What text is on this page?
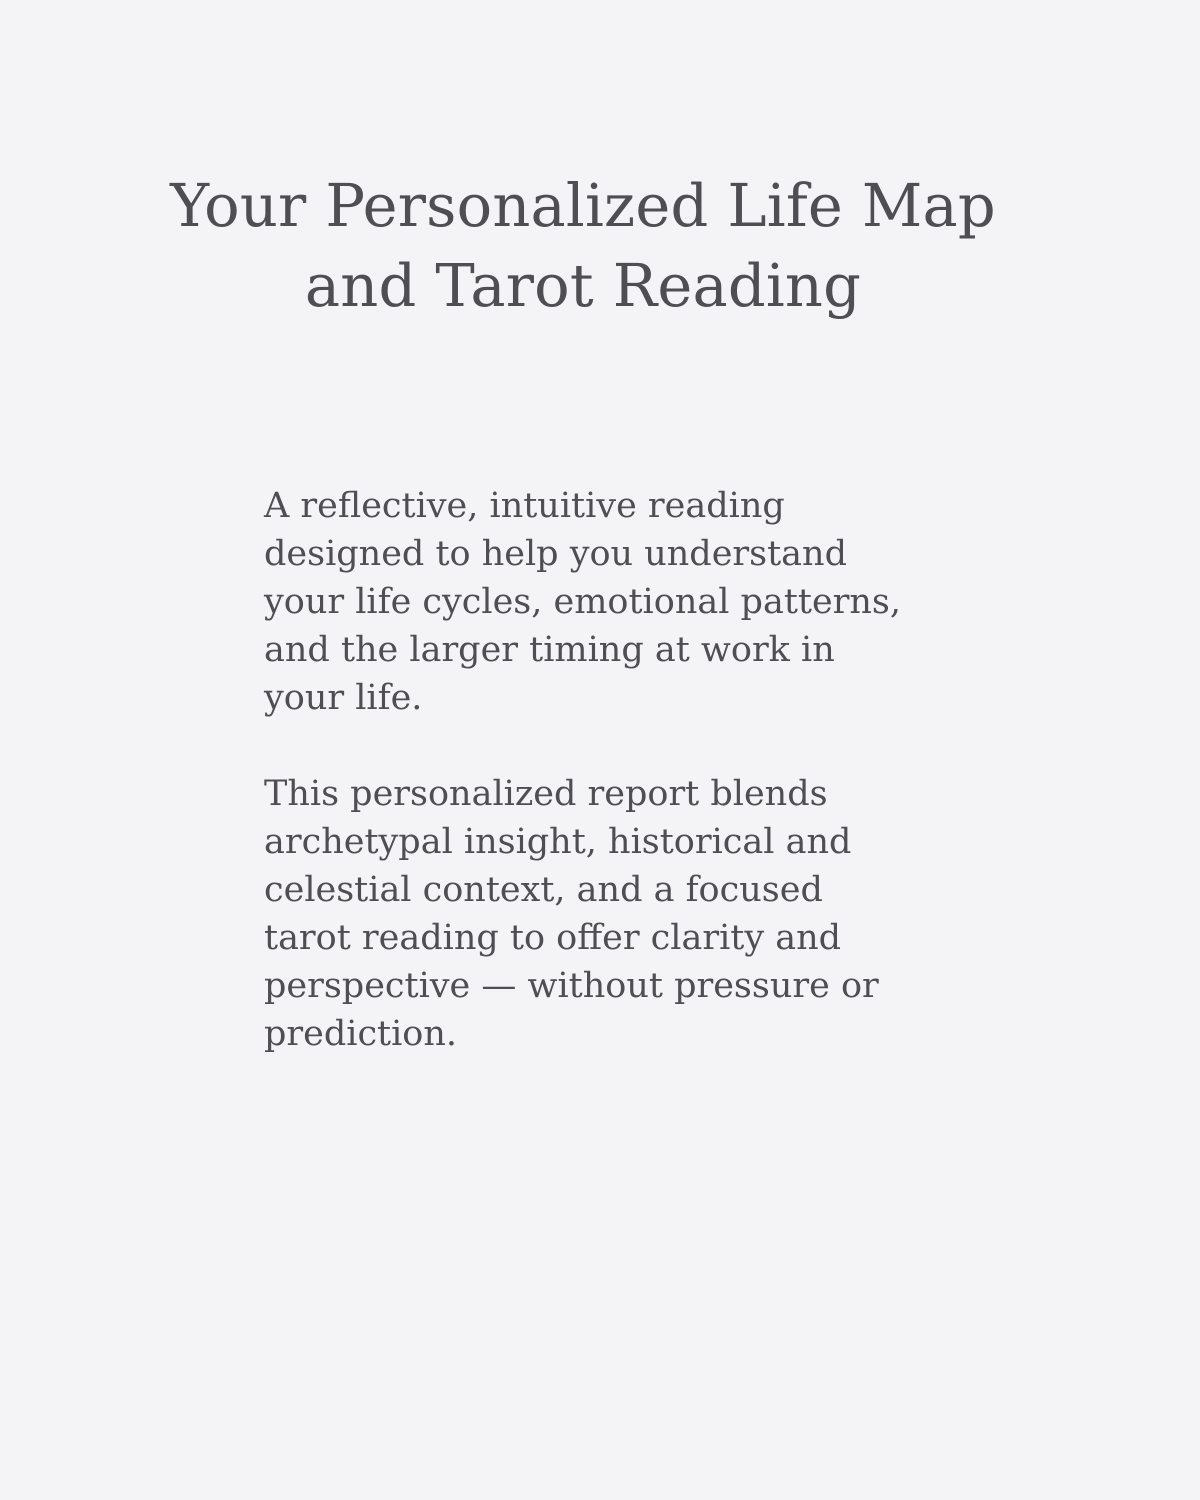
Your Personalized Life Map
and Tarot Reading

A reflective, intuitive reading
designed to help you understand
your life cycles, emotional patterns,
and the larger timing at work in
your life.

This personalized report blends
archetypal insight, historical and
celestial context, and a focused
tarot reading to offer clarity and
perspective — without pressure or
prediction.
